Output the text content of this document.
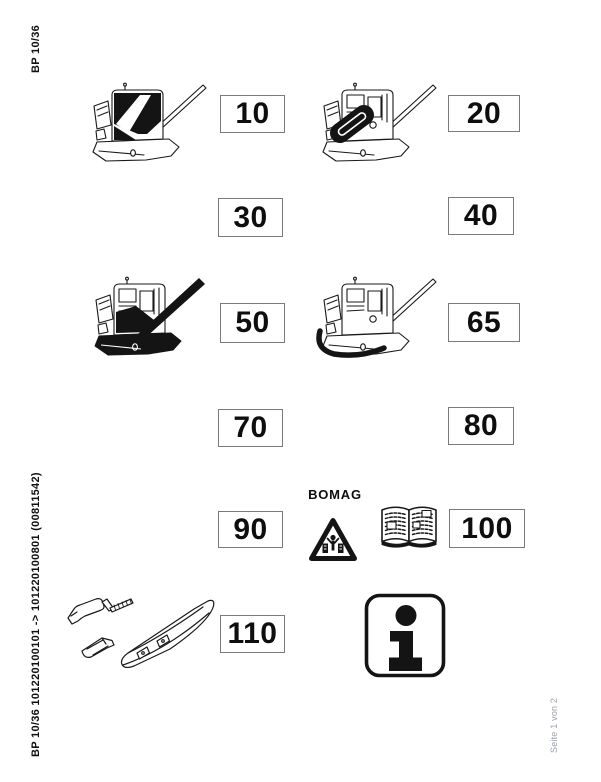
BP 10/36
BP 10/36 101220100101 -> 101220100801 (00811542)	Seite 1 von 2
10	20
30	40
50	65
70	80
90
BOMAG
100
110
